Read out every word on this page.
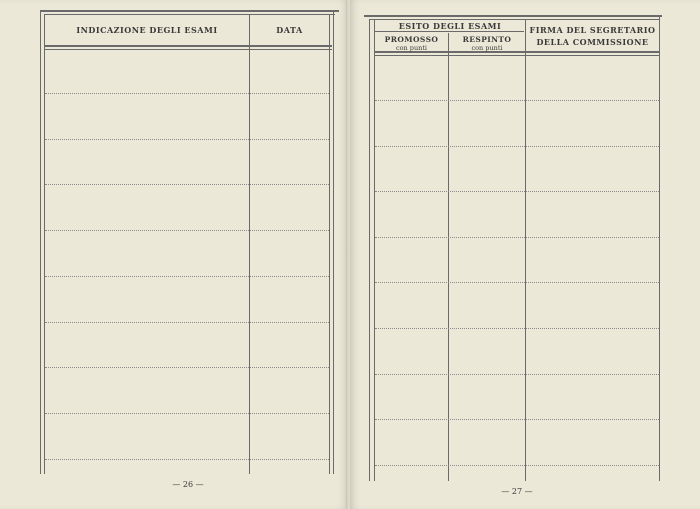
INDICAZIONE DEGLI ESAMI	DATA
— 26 —
ESITO DEGLI ESAMI
PROMOSSO
con punti
RESPINTO
con punti
FIRMA DEL SEGRETARIO
DELLA COMMISSIONE
— 27 —
